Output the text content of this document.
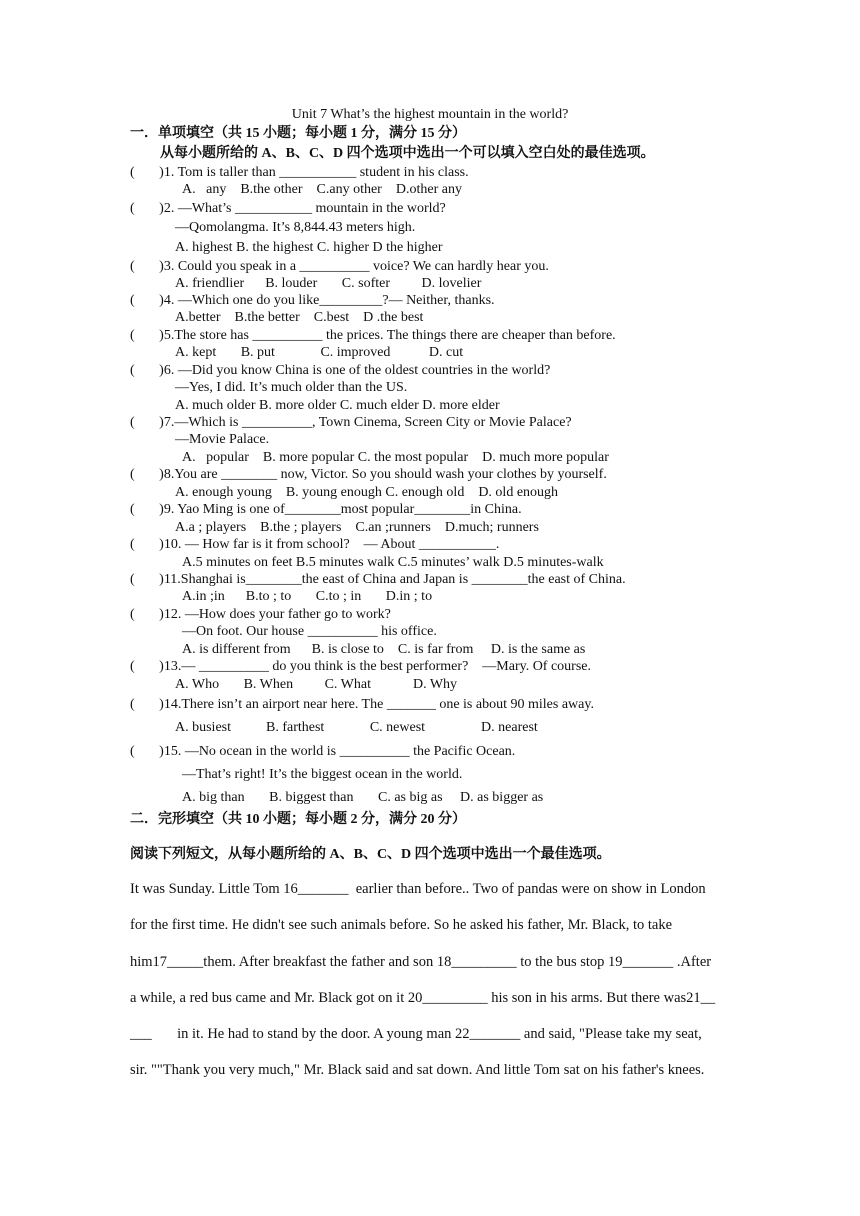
Unit 7 What’s the highest mountain in the world?
一．单项填空（共 15 小题；每小题 1 分，满分 15 分）
从每小题所给的 A、B、C、D 四个选项中选出一个可以填入空白处的最佳选项。
(       )1. Tom is taller than ___________ student in his class.
A.   any    B.the other    C.any other    D.other any
(       )2. —What’s ___________ mountain in the world?
—Qomolangma. It’s 8,844.43 meters high.
A. highest B. the highest C. higher D the higher
(       )3. Could you speak in a __________ voice? We can hardly hear you.
A. friendlier      B. louder       C. softer         D. lovelier
(       )4. —Which one do you like_________?— Neither, thanks.
A.better    B.the better    C.best    D .the best
(       )5.The store has __________ the prices. The things there are cheaper than before.
A. kept       B. put             C. improved           D. cut
(       )6. —Did you know China is one of the oldest countries in the world?
—Yes, I did. It’s much older than the US.
A. much older B. more older C. much elder D. more elder
(       )7.—Which is __________, Town Cinema, Screen City or Movie Palace?
—Movie Palace.
A.   popular    B. more popular C. the most popular    D. much more popular
(       )8.You are ________ now, Victor. So you should wash your clothes by yourself.
A. enough young    B. young enough C. enough old    D. old enough
(       )9. Yao Ming is one of________most popular________in China.
A.a ; players    B.the ; players    C.an ;runners    D.much; runners
(       )10. — How far is it from school?    — About ___________.
A.5 minutes on feet B.5 minutes walk C.5 minutes’ walk D.5 minutes-walk
(       )11.Shanghai is________the east of China and Japan is ________the east of China.
A.in ;in      B.to ; to       C.to ; in       D.in ; to
(       )12. —How does your father go to work?
—On foot. Our house __________ his office.
A. is different from      B. is close to    C. is far from     D. is the same as
(       )13.— __________ do you think is the best performer?    —Mary. Of course.
A. Who       B. When         C. What            D. Why
(       )14.There isn’t an airport near here. The _______ one is about 90 miles away.
A. busiest          B. farthest             C. newest                D. nearest
(       )15. —No ocean in the world is __________ the Pacific Ocean.
—That’s right! It’s the biggest ocean in the world.
A. big than       B. biggest than       C. as big as     D. as bigger as
二．完形填空（共 10 小题；每小题 2 分，满分 20 分）
阅读下列短文，从每小题所给的 A、B、C、D 四个选项中选出一个最佳选项。
It was Sunday. Little Tom 16_______  earlier than before.. Two of pandas were on show in London
for the first time. He didn't see such animals before. So he asked his father, Mr. Black, to take
him17_____them. After breakfast the father and son 18_________ to the bus stop 19_______ .After
a while, a red bus came and Mr. Black got on it 20_________ his son in his arms. But there was21__
___       in it. He had to stand by the door. A young man 22_______ and said, "Please take my seat,
sir. ""Thank you very much," Mr. Black said and sat down. And little Tom sat on his father's knees.
